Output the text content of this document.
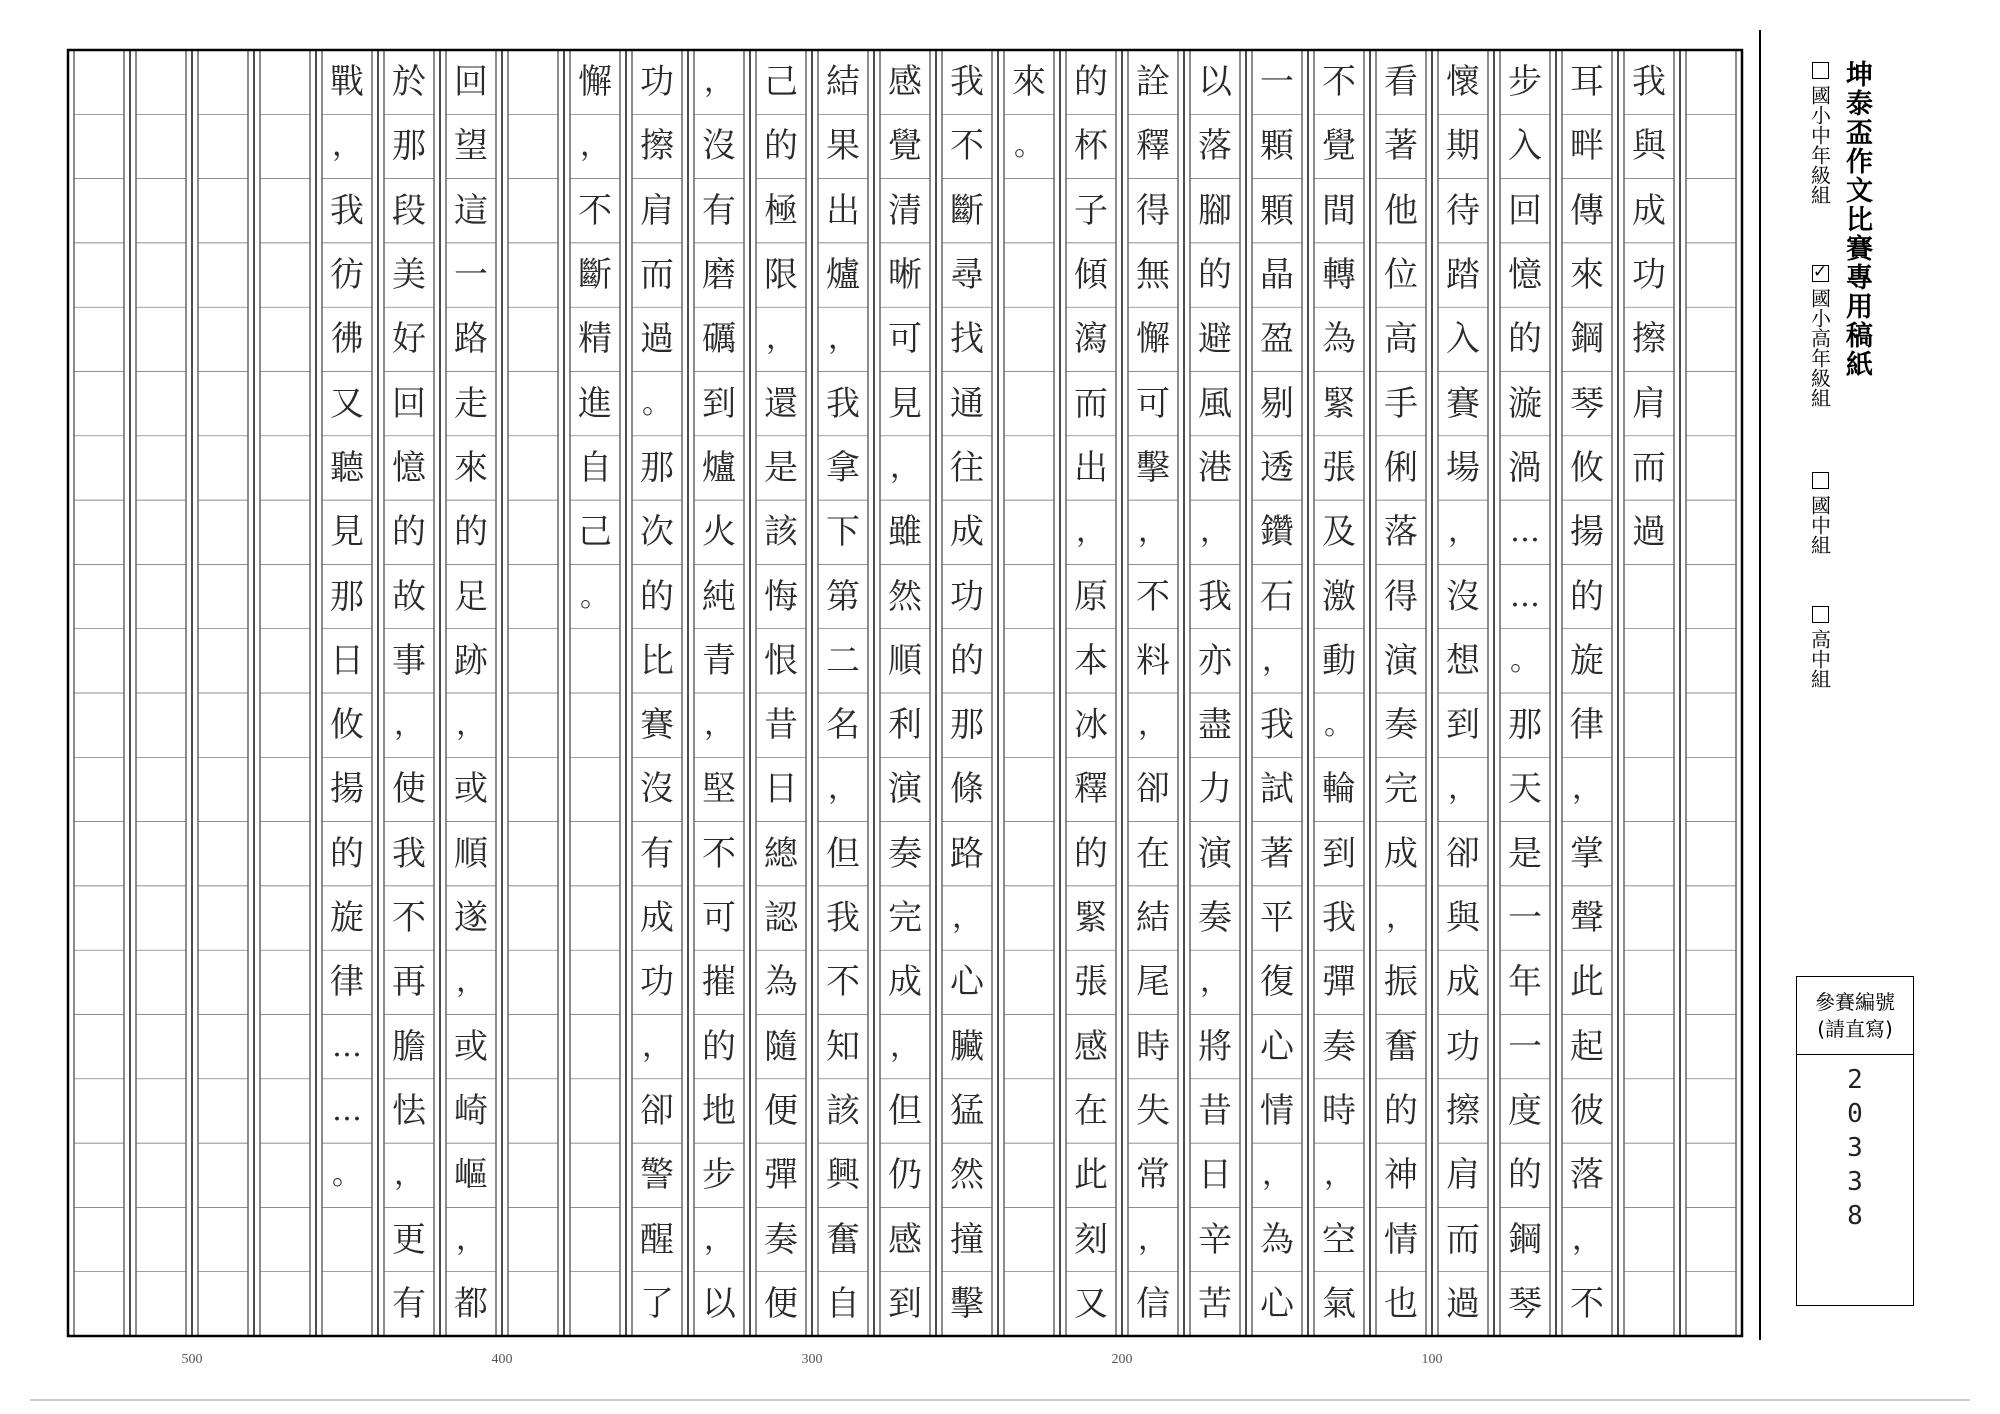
我
與
成
功
擦
肩
而
過
耳
畔
傳
來
鋼
琴
攸
揚
的
旋
律
，
掌
聲
此
起
彼
落
，
不
步
入
回
憶
的
漩
渦
…
…
。
那
天
是
一
年
一
度
的
鋼
琴
懷
期
待
踏
入
賽
場
，
沒
想
到
，
卻
與
成
功
擦
肩
而
過
看
著
他
位
高
手
俐
落
得
演
奏
完
成
，
振
奮
的
神
情
也
不
覺
間
轉
為
緊
張
及
激
動
。
輪
到
我
彈
奏
時
，
空
氣
一
顆
顆
晶
盈
剔
透
鑽
石
，
我
試
著
平
復
心
情
，
為
心
以
落
腳
的
避
風
港
，
我
亦
盡
力
演
奏
，
將
昔
日
辛
苦
詮
釋
得
無
懈
可
擊
，
不
料
，
卻
在
結
尾
時
失
常
，
信
的
杯
子
傾
瀉
而
出
，
原
本
冰
釋
的
緊
張
感
在
此
刻
又
來
。
我
不
斷
尋
找
通
往
成
功
的
那
條
路
，
心
臟
猛
然
撞
擊
感
覺
清
晰
可
見
，
雖
然
順
利
演
奏
完
成
，
但
仍
感
到
結
果
出
爐
，
我
拿
下
第
二
名
，
但
我
不
知
該
興
奮
自
己
的
極
限
，
還
是
該
悔
恨
昔
日
總
認
為
隨
便
彈
奏
便
，
沒
有
磨
礪
到
爐
火
純
青
，
堅
不
可
摧
的
地
步
，
以
功
擦
肩
而
過
。
那
次
的
比
賽
沒
有
成
功
，
卻
警
醒
了
懈
，
不
斷
精
進
自
己
。
回
望
這
一
路
走
來
的
足
跡
，
或
順
遂
，
或
崎
嶇
，
都
於
那
段
美
好
回
憶
的
故
事
，
使
我
不
再
膽
怯
，
更
有
戰
，
我
彷
彿
又
聽
見
那
日
攸
揚
的
旋
律
…
…
。
100
200
300
400
500
坤泰盃作文比賽專用稿紙
國小中年級組
✓
國小高年級組
國中組
高中組
參賽編號
(請直寫)
20338
